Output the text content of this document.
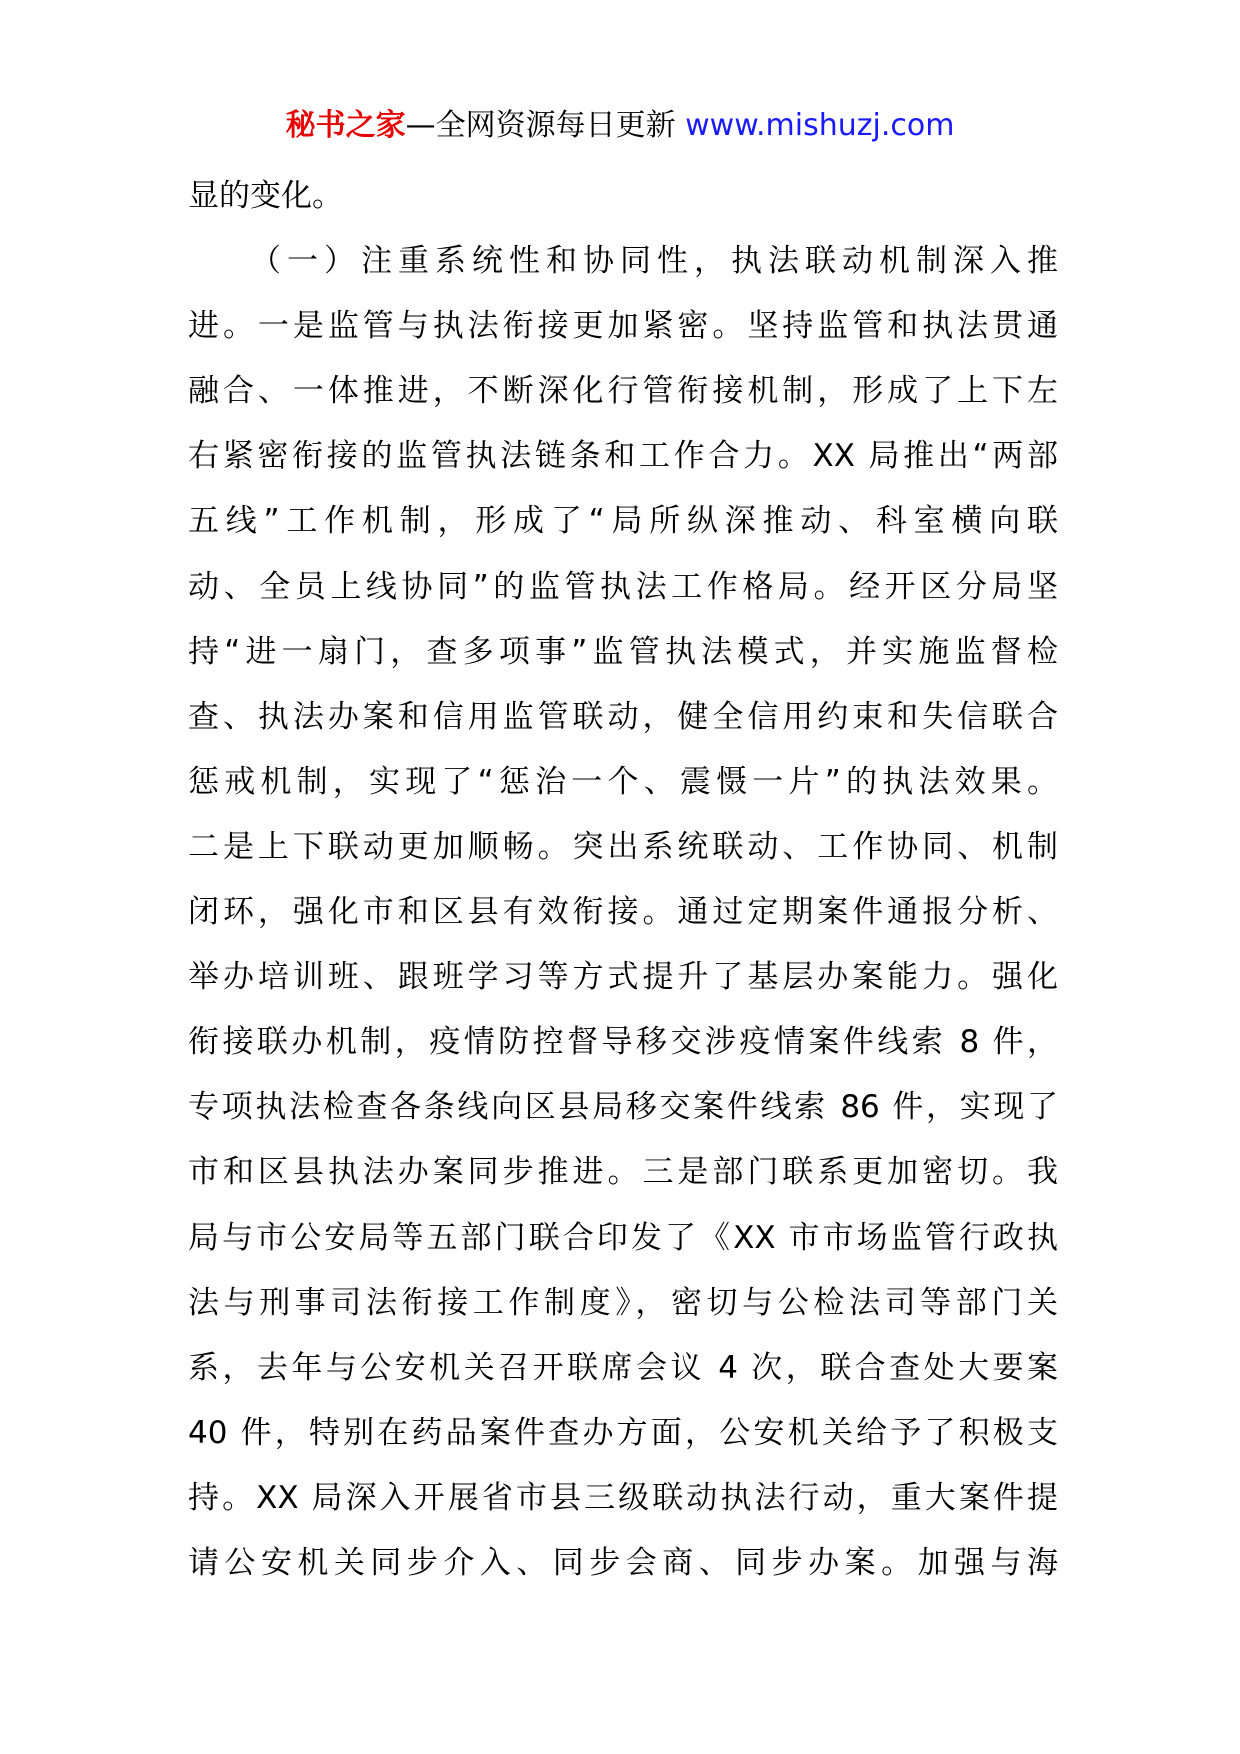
秘书之家—全网资源每日更新 www.mishuzj.com
显的变化。
（一）注重系统性和协同性，执法联动机制深入推
进。一是监管与执法衔接更加紧密。坚持监管和执法贯通
融合、一体推进，不断深化行管衔接机制，形成了上下左
右紧密衔接的监管执法链条和工作合力。XX 局推出“两部
五线”工作机制，形成了“局所纵深推动、科室横向联
动、全员上线协同”的监管执法工作格局。经开区分局坚
持“进一扇门，查多项事”监管执法模式，并实施监督检
查、执法办案和信用监管联动，健全信用约束和失信联合
惩戒机制，实现了“惩治一个、震慑一片”的执法效果。
二是上下联动更加顺畅。突出系统联动、工作协同、机制
闭环，强化市和区县有效衔接。通过定期案件通报分析、
举办培训班、跟班学习等方式提升了基层办案能力。强化
衔接联办机制，疫情防控督导移交涉疫情案件线索 8 件，
专项执法检查各条线向区县局移交案件线索 86 件，实现了
市和区县执法办案同步推进。三是部门联系更加密切。我
局与市公安局等五部门联合印发了《XX 市市场监管行政执
法与刑事司法衔接工作制度》，密切与公检法司等部门关
系，去年与公安机关召开联席会议 4 次，联合查处大要案
40 件，特别在药品案件查办方面，公安机关给予了积极支
持。XX 局深入开展省市县三级联动执法行动，重大案件提
请公安机关同步介入、同步会商、同步办案。加强与海
